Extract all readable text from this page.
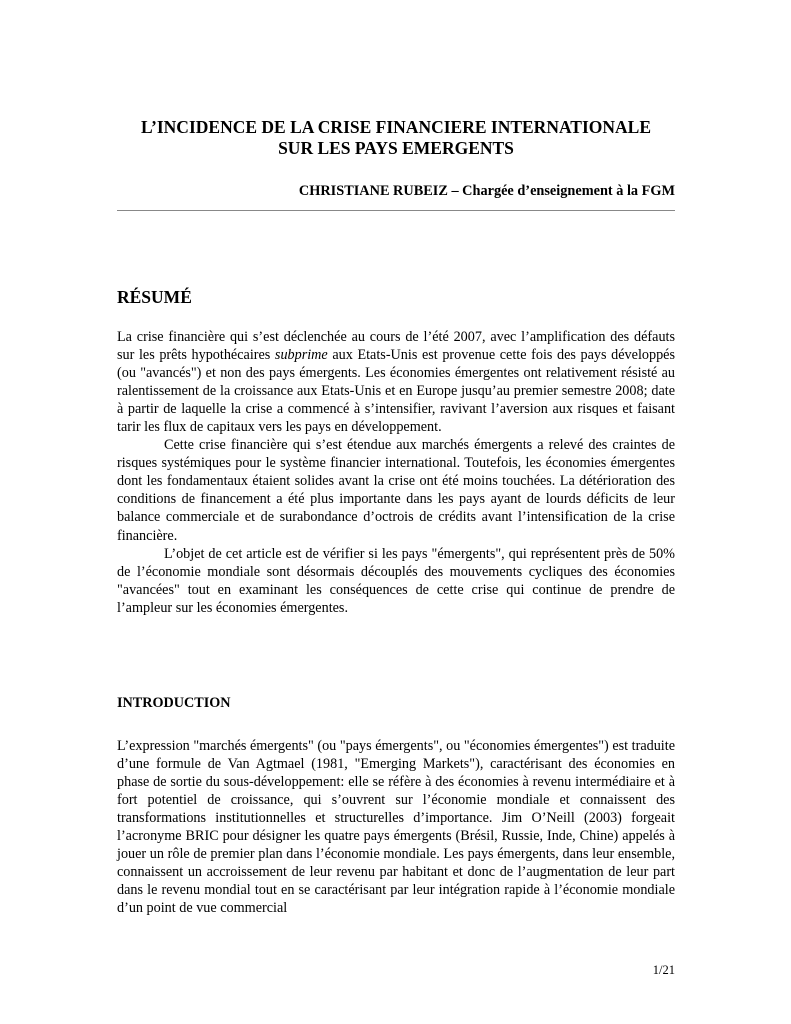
L’INCIDENCE DE LA CRISE FINANCIERE INTERNATIONALE
SUR LES PAYS EMERGENTS

CHRISTIANE RUBEIZ – Chargée d’enseignement à la FGM

RÉSUMÉ

La crise financière qui s’est déclenchée au cours de l’été 2007, avec l’amplification des défauts sur les prêts hypothécaires subprime aux Etats-Unis est provenue cette fois des pays développés (ou "avancés") et non des pays émergents. Les économies émergentes ont relativement résisté au ralentissement de la croissance aux Etats-Unis et en Europe jusqu’au premier semestre 2008; date à partir de laquelle la crise a commencé à s’intensifier, ravivant l’aversion aux risques et faisant tarir les flux de capitaux vers les pays en développement.

Cette crise financière qui s’est étendue aux marchés émergents a relevé des craintes de risques systémiques pour le système financier international. Toutefois, les économies émergentes dont les fondamentaux étaient solides avant la crise ont été moins touchées. La détérioration des conditions de financement a été plus importante dans les pays ayant de lourds déficits de leur balance commerciale et de surabondance d’octrois de crédits avant l’intensification de la crise financière.

L’objet de cet article est de vérifier si les pays "émergents", qui représentent près de 50% de l’économie mondiale sont désormais découplés des mouvements cycliques des économies "avancées" tout en examinant les conséquences de cette crise qui continue de prendre de l’ampleur sur les économies émergentes.

INTRODUCTION

L’expression "marchés émergents" (ou "pays émergents", ou "économies émergentes") est traduite d’une formule de Van Agtmael (1981, "Emerging Markets"), caractérisant des économies en phase de sortie du sous-développement: elle se réfère à des économies à revenu intermédiaire et à fort potentiel de croissance, qui s’ouvrent sur l’économie mondiale et connaissent des transformations institutionnelles et structurelles d’importance. Jim O’Neill (2003) forgeait l’acronyme BRIC pour désigner les quatre pays émergents (Brésil, Russie, Inde, Chine) appelés à jouer un rôle de premier plan dans l’économie mondiale. Les pays émergents, dans leur ensemble, connaissent un accroissement de leur revenu par habitant et donc de l’augmentation de leur part dans le revenu mondial tout en se caractérisant par leur intégration rapide à l’économie mondiale d’un point de vue commercial

1/21
